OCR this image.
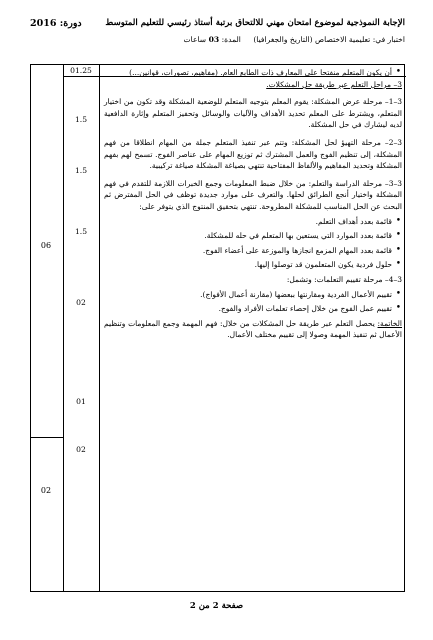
الإجابة النموذجية لموضوع امتحان مهني للالتحاق برتبة أستاذ رئيسي للتعليم المتوسط
دورة: 2016
اختبار في: تعليمية الاختصاص (التاريخ والجغرافيا) المدة: 03 ساعات
06
02
01.25
1.5
1.5
1.5
02
01
02

• أن يكون المتعلم منفتحا على المعارف ذات الطابع العام. (مفاهيم، تصورات، قوانين...)

3– مراحل التعلم عبر طريقة حل المشكلات.

3–1– مرحلة عرض المشكلة: يقوم المعلم بتوجيه المتعلم للوضعية المشكلة وقد تكون من اختيار المتعلم، ويشترط على المعلم تحديد الأهداف والآليات والوسائل وتحفيز المتعلم وإثارة الدافعية لديه ليشارك في حل المشكلة.

3–2– مرحلة التهيؤ لحل المشكلة: وتتم عبر تنفيذ المتعلم جملة من المهام انطلاقا من فهم المشكلة، إلى تنظيم الفوج والعمل المشترك ثم توزيع المهام على عناصر الفوج. تسمح لهم بفهم المشكلة وتحديد المفاهيم والألفاظ المفتاحية تنتهي بصياغة المشكلة صياغة تركيبية.

3–3– مرحلة الدراسة والتعلم: من خلال ضبط المعلومات وجمع الخبرات اللازمة للتقدم في فهم المشكلة واختيار أنجع الطرائق لحلها. والتعرف على موارد جديدة توظف في الحل المفترض ثم البحث عن الحل المناسب للمشكلة المطروحة. تنتهي بتحقيق المنتوج الذي يتوفر على:

• قائمة بعدد أهداف التعلم.

• قائمة بعدد الموارد التي يستعين بها المتعلم في حله للمشكلة.

• قائمة بعدد المهام المزمع انجازها والموزعة على أعضاء الفوج.

• حلول فردية يكون المتعلمون قد توصلوا إليها.

3–4– مرحلة تقييم التعلمات: وتشمل:

• تقييم الأعمال الفردية ومقارنتها ببعضها (مقارنة أعمال الأفواج).

• تقييم عمل الفوج من خلال إحصاء تعلمات الأفراد والفوج.

الخاتمة: يحصل التعلم عبر طريقة حل المشكلات من خلال: فهم المهمة وجمع المعلومات وتنظيم الأعمال ثم تنفيذ المهمة وصولا إلى تقييم مختلف الأعمال.

صفحة 2 من 2
